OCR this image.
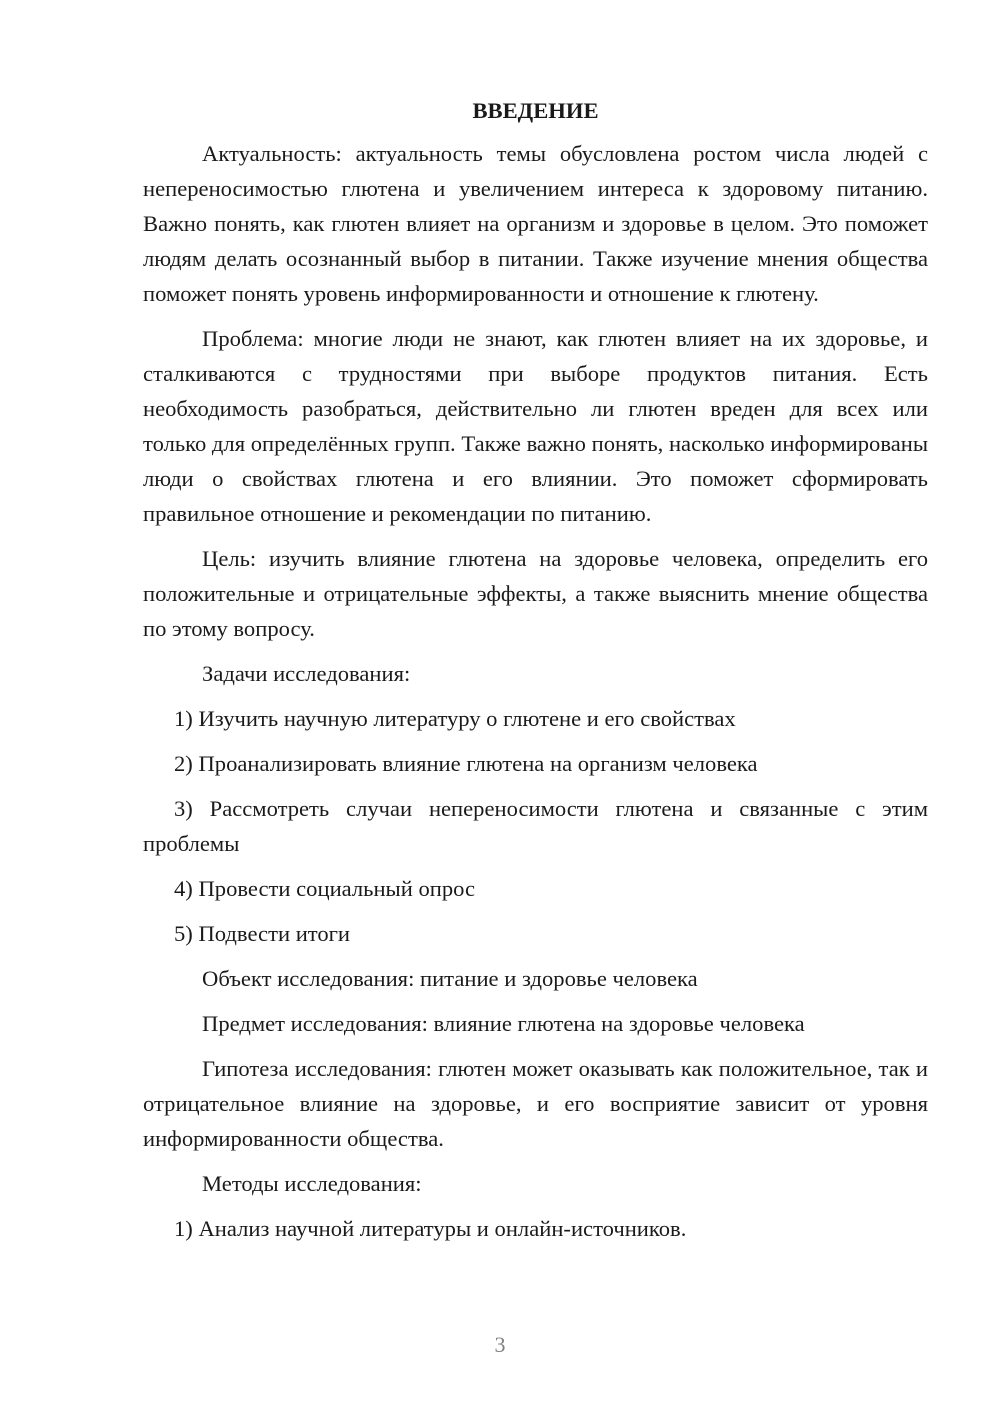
ВВЕДЕНИЕ

Актуальность: актуальность темы обусловлена ростом числа людей с непереносимостью глютена и увеличением интереса к здоровому питанию. Важно понять, как глютен влияет на организм и здоровье в целом. Это поможет людям делать осознанный выбор в питании. Также изучение мнения общества поможет понять уровень информированности и отношение к глютену.

Проблема: многие люди не знают, как глютен влияет на их здоровье, и сталкиваются с трудностями при выборе продуктов питания. Есть необходимость разобраться, действительно ли глютен вреден для всех или только для определённых групп. Также важно понять, насколько информированы люди о свойствах глютена и его влиянии. Это поможет сформировать правильное отношение и рекомендации по питанию.

Цель: изучить влияние глютена на здоровье человека, определить его положительные и отрицательные эффекты, а также выяснить мнение общества по этому вопросу.

Задачи исследования:

1) Изучить научную литературу о глютене и его свойствах

2) Проанализировать влияние глютена на организм человека

3) Рассмотреть случаи непереносимости глютена и связанные с этим проблемы

4) Провести социальный опрос

5) Подвести итоги

Объект исследования: питание и здоровье человека

Предмет исследования: влияние глютена на здоровье человека

Гипотеза исследования: глютен может оказывать как положительное, так и отрицательное влияние на здоровье, и его восприятие зависит от уровня информированности общества.

Методы исследования:

1) Анализ научной литературы и онлайн-источников.

3
